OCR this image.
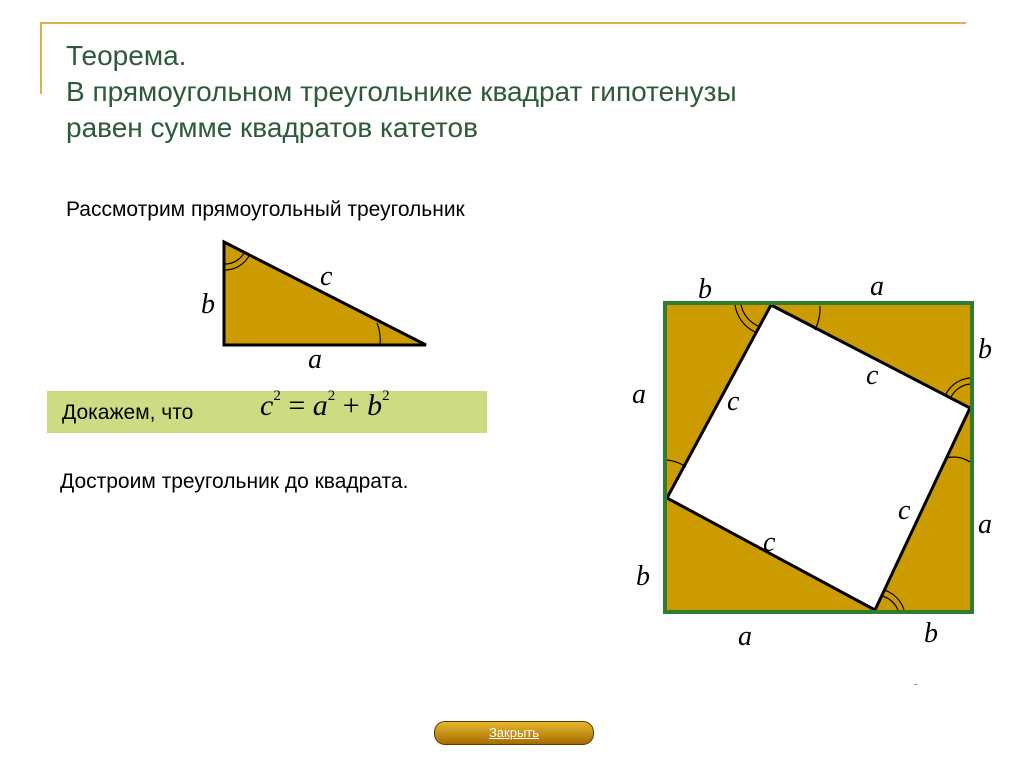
Теорема.
В прямоугольном треугольнике квадрат гипотенузы
равен сумме квадратов катетов
Рассмотрим прямоугольный треугольник
Докажем, что $c^2 = a^2 + b^2$
Достроим треугольник до квадрата.
c
b
a
b	a
b
a
a	b
a
b
c
c
c
c
Закрыть
